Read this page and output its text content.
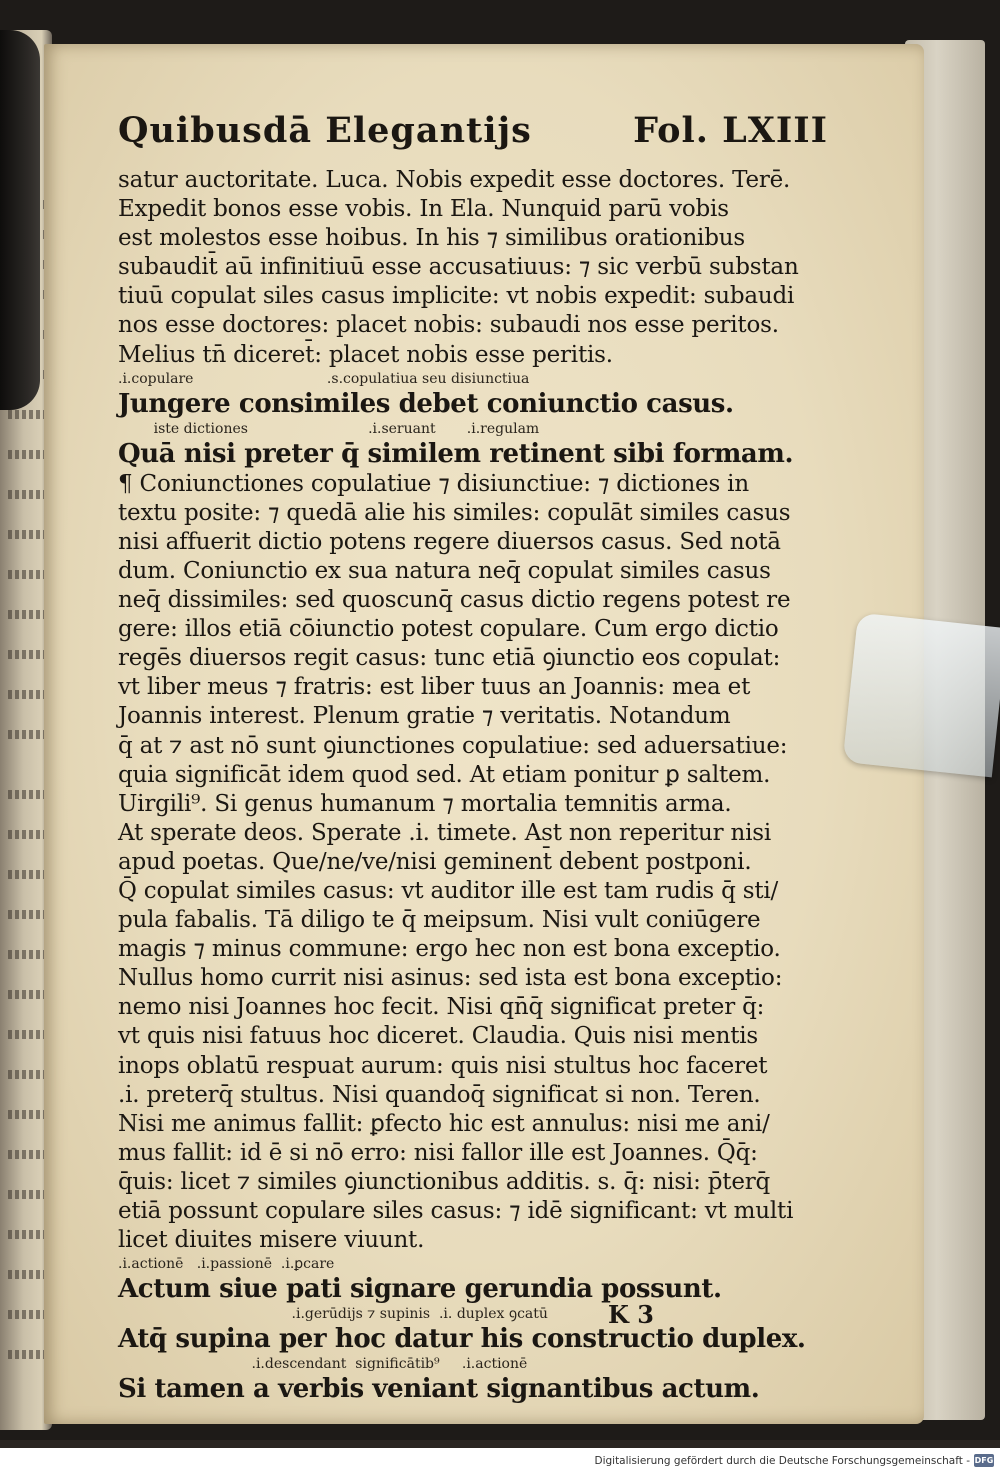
Quibusdā Elegantijs	Fol. LXIII
satur auctoritate. Luca. Nobis expedit esse doctores. Terē.
Expedit bonos esse vobis. In Ela. Nunquid parū vobis
est molestos esse hoibus. In his ⁊ similibus orationibus
subaudit̄ aū infinitiuū esse accusatiuus: ⁊ sic verbū substan
tiuū copulat siles casus implicite: vt nobis expedit: subaudi
nos esse doctores: placet nobis: subaudi nos esse peritos.
Melius tn̄ diceret̄: placet nobis esse peritis.
.i.copulare                              .s.copulatiua seu disiunctiua
Jungere consimiles debet coniunctio casus.
iste dictiones                           .i.seruant       .i.regulam
Quā nisi preter q̄ similem retinent sibi formam.
¶ Coniunctiones copulatiue ⁊ disiunctiue: ⁊ dictiones in
textu posite: ⁊ quedā alie his similes: copulāt similes casus
nisi affuerit dictio potens regere diuersos casus. Sed notā
dum. Coniunctio ex sua natura neq̄ copulat similes casus
neq̄ dissimiles: sed quoscunq̄ casus dictio regens potest re
gere: illos etiā cōiunctio potest copulare. Cum ergo dictio
regēs diuersos regit casus: tunc etiā ꝯiunctio eos copulat:
vt liber meus ⁊ fratris: est liber tuus an Joannis: mea et
Joannis interest. Plenum gratie ⁊ veritatis. Notandum
q̄ at ⁊ ast nō sunt ꝯiunctiones copulatiue: sed aduersatiue:
quia significāt idem quod sed. At etiam ponitur ꝑ saltem.
Uirgili⁹. Si genus humanum ⁊ mortalia temnitis arma.
At sperate deos. Sperate .i. timete. Ast non reperitur nisi
apud poetas. Que/ne/ve/nisi geminent̄ debent postponi.
Q̄ copulat similes casus: vt auditor ille est tam rudis q̄ sti/
pula fabalis. Tā diligo te q̄ meipsum. Nisi vult coniūgere
magis ⁊ minus commune: ergo hec non est bona exceptio.
Nullus homo currit nisi asinus: sed ista est bona exceptio:
nemo nisi Joannes hoc fecit. Nisi qn̄q̄ significat preter q̄:
vt quis nisi fatuus hoc diceret. Claudia. Quis nisi mentis
inops oblatū respuat aurum: quis nisi stultus hoc faceret
.i. preterq̄ stultus. Nisi quandoq̄ significat si non. Teren.
Nisi me animus fallit: ꝑfecto hic est annulus: nisi me ani/
mus fallit: id ē si nō erro: nisi fallor ille est Joannes. Q̄q̄:
q̄uis: licet ⁊ similes ꝯiunctionibus additis. s. q̄: nisi: p̄terq̄
etiā possunt copulare siles casus: ⁊ idē significant: vt multi
licet diuites misere viuunt.
.i.actionē   .i.passionē  .i.ꝑcare
Actum siue pati signare gerundia possunt.
.i.gerūdijs ⁊ supinis  .i. duplex ꝯcatū
Atq̄ supina per hoc datur his constructio duplex.
.i.descendant  significātib⁹     .i.actionē
Si tamen a verbis veniant signantibus actum.
K 3
Digitalisierung gefördert durch die Deutsche Forschungsgemeinschaft - DFG
